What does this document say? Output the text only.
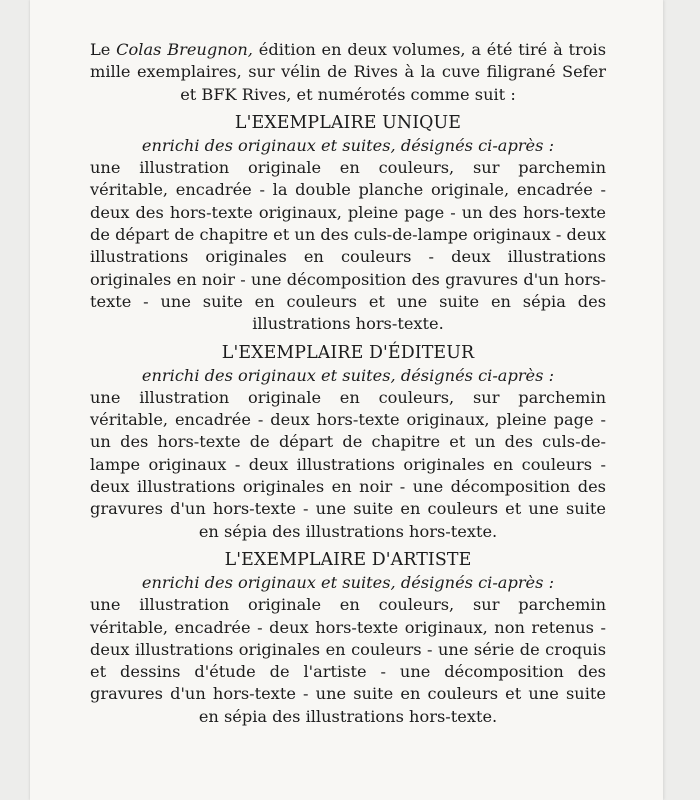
Le Colas Breugnon, édition en deux volumes, a été tiré à trois mille exemplaires, sur vélin de Rives à la cuve filigrané Sefer et BFK Rives, et numérotés comme suit :

L'EXEMPLAIRE UNIQUE

enrichi des originaux et suites, désignés ci-après :

une illustration originale en couleurs, sur parchemin véritable, encadrée - la double planche originale, encadrée - deux des hors-texte originaux, pleine page - un des hors-texte de départ de chapitre et un des culs-de-lampe originaux - deux illustrations originales en couleurs - deux illustrations originales en noir - une décomposition des gravures d'un hors-texte - une suite en couleurs et une suite en sépia des illustrations hors-texte.

L'EXEMPLAIRE D'ÉDITEUR

enrichi des originaux et suites, désignés ci-après :

une illustration originale en couleurs, sur parchemin véritable, encadrée - deux hors-texte originaux, pleine page - un des hors-texte de départ de chapitre et un des culs-de-lampe originaux - deux illustrations originales en couleurs - deux illustrations originales en noir - une décomposition des gravures d'un hors-texte - une suite en couleurs et une suite en sépia des illustrations hors-texte.

L'EXEMPLAIRE D'ARTISTE

enrichi des originaux et suites, désignés ci-après :

une illustration originale en couleurs, sur parchemin véritable, encadrée - deux hors-texte originaux, non retenus - deux illustrations originales en couleurs - une série de croquis et dessins d'étude de l'artiste - une décomposition des gravures d'un hors-texte - une suite en couleurs et une suite en sépia des illustrations hors-texte.
